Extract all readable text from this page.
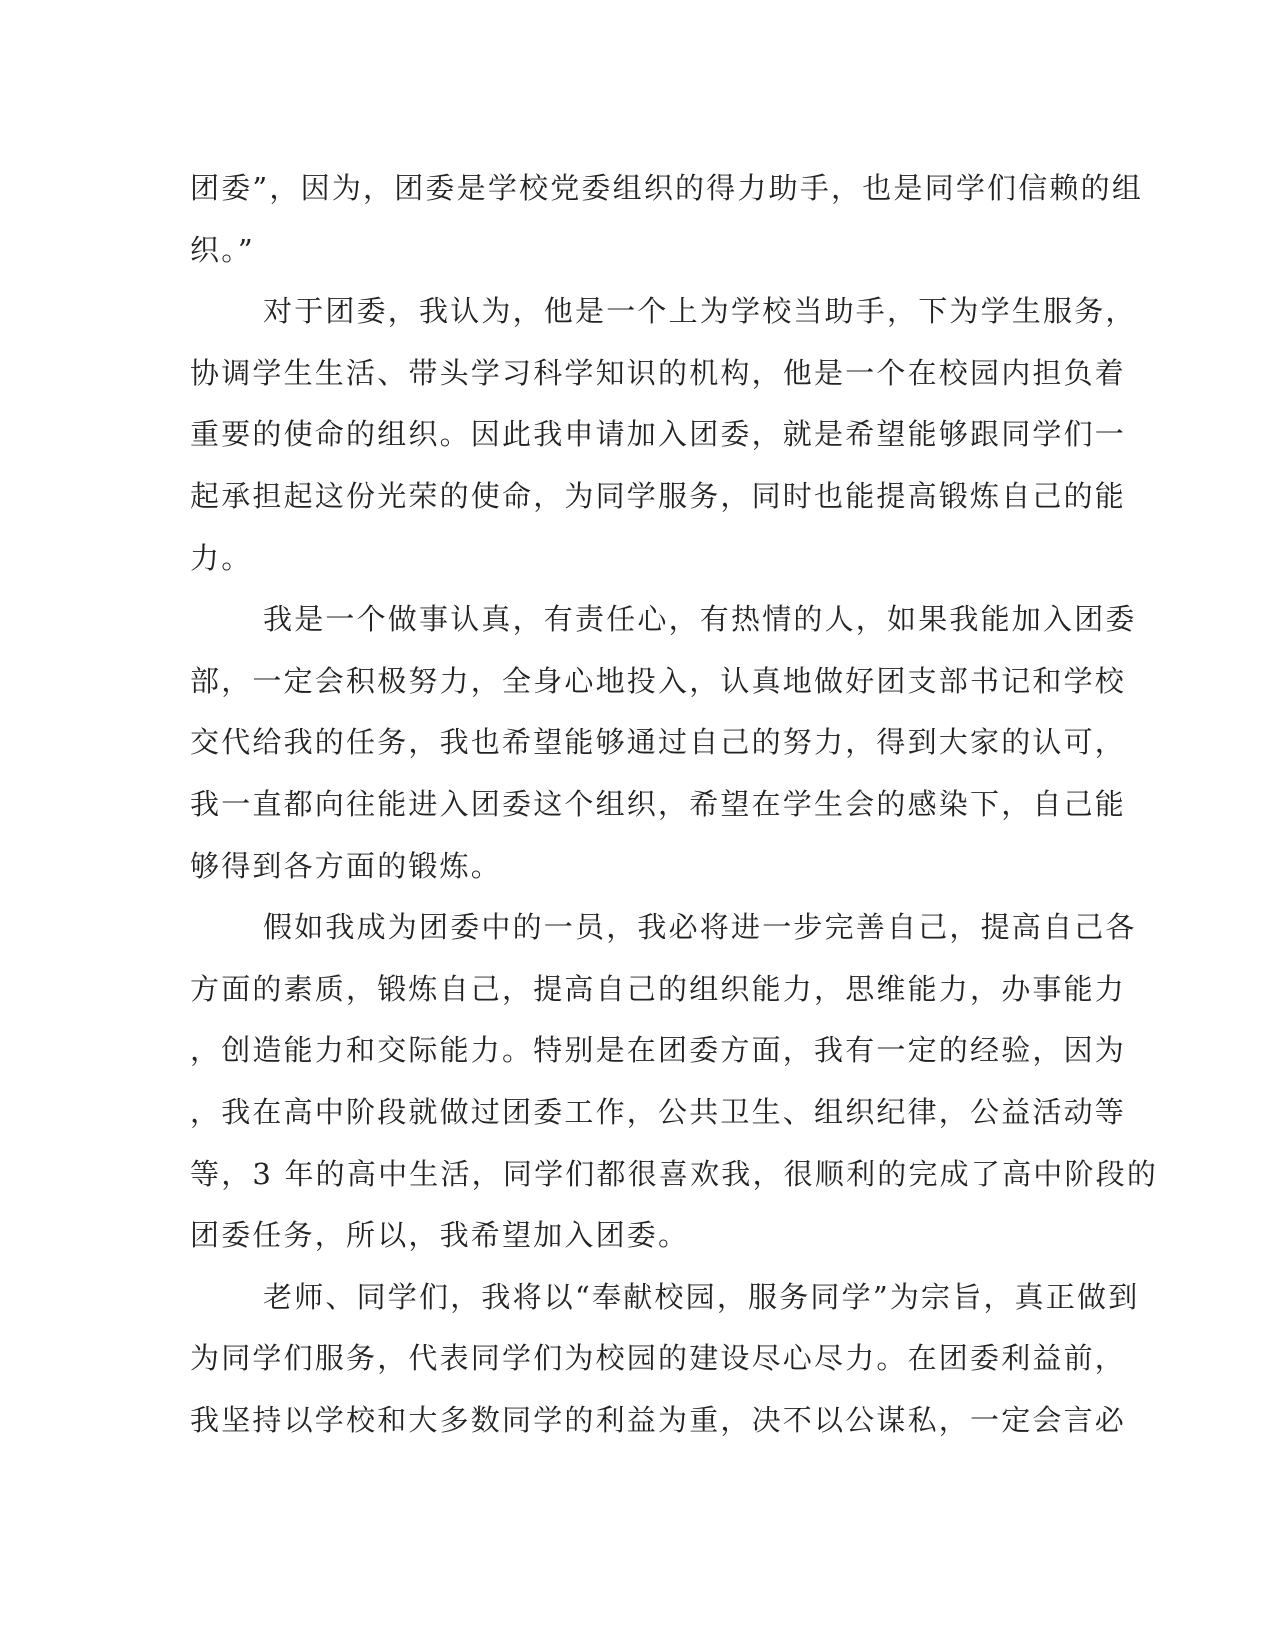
团委”，因为，团委是学校党委组织的得力助手，也是同学们信赖的组
织。”
对于团委，我认为，他是一个上为学校当助手，下为学生服务，
协调学生生活、带头学习科学知识的机构，他是一个在校园内担负着
重要的使命的组织。因此我申请加入团委，就是希望能够跟同学们一
起承担起这份光荣的使命，为同学服务，同时也能提高锻炼自己的能
力。
我是一个做事认真，有责任心，有热情的人，如果我能加入团委
部，一定会积极努力，全身心地投入，认真地做好团支部书记和学校
交代给我的任务，我也希望能够通过自己的努力，得到大家的认可，
我一直都向往能进入团委这个组织，希望在学生会的感染下，自己能
够得到各方面的锻炼。
假如我成为团委中的一员，我必将进一步完善自己，提高自己各
方面的素质，锻炼自己，提高自己的组织能力，思维能力，办事能力
，创造能力和交际能力。特别是在团委方面，我有一定的经验，因为
，我在高中阶段就做过团委工作，公共卫生、组织纪律，公益活动等
等，3 年的高中生活，同学们都很喜欢我，很顺利的完成了高中阶段的
团委任务，所以，我希望加入团委。
老师、同学们，我将以“奉献校园，服务同学”为宗旨，真正做到
为同学们服务，代表同学们为校园的建设尽心尽力。在团委利益前，
我坚持以学校和大多数同学的利益为重，决不以公谋私，一定会言必
